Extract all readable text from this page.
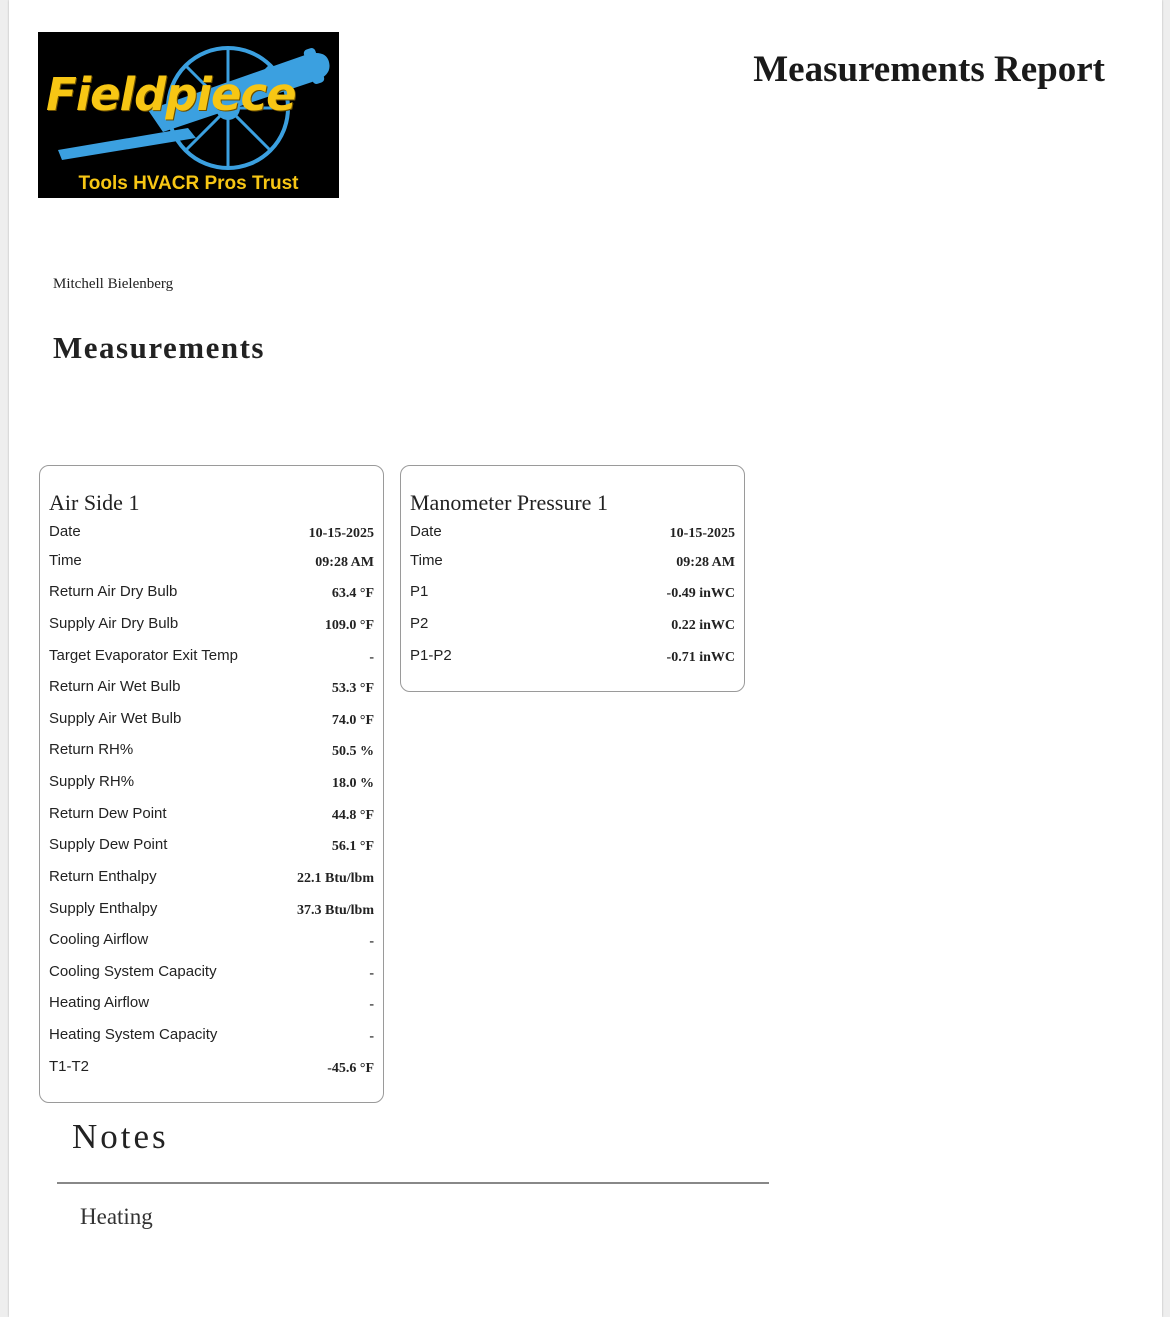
Fieldpiece
Tools HVACR Pros Trust
Measurements Report
Mitchell Bielenberg
Measurements
Air Side 1
Date	10-15-2025
Time	09:28 AM
Return Air Dry Bulb	63.4 °F
Supply Air Dry Bulb	109.0 °F
Target Evaporator Exit Temp	-
Return Air Wet Bulb	53.3 °F
Supply Air Wet Bulb	74.0 °F
Return RH%	50.5 %
Supply RH%	18.0 %
Return Dew Point	44.8 °F
Supply Dew Point	56.1 °F
Return Enthalpy	22.1 Btu/lbm
Supply Enthalpy	37.3 Btu/lbm
Cooling Airflow	-
Cooling System Capacity	-
Heating Airflow	-
Heating System Capacity	-
T1-T2	-45.6 °F
Manometer Pressure 1
Date	10-15-2025
Time	09:28 AM
P1	-0.49 inWC
P2	0.22 inWC
P1-P2	-0.71 inWC
Notes
Heating
